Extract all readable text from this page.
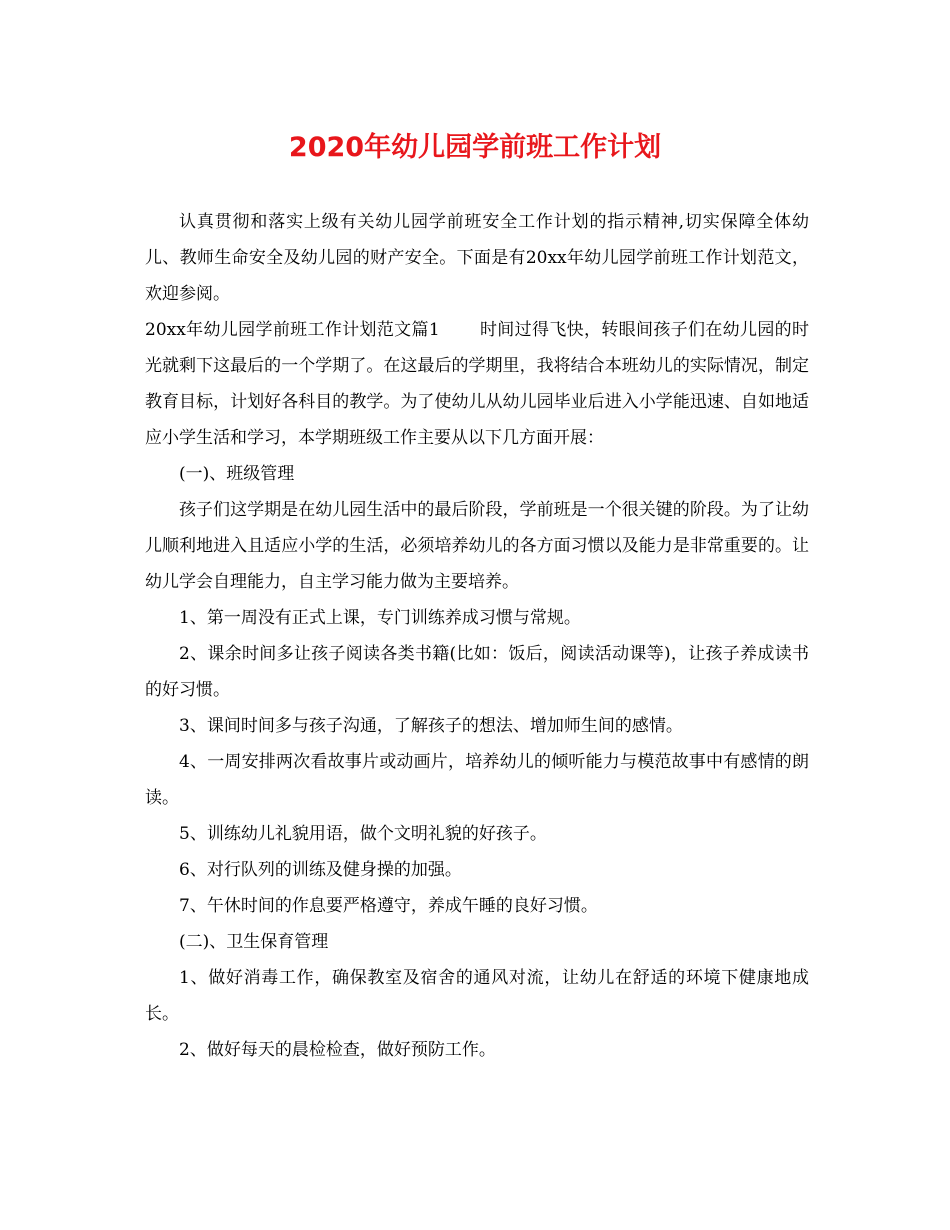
2020年幼儿园学前班工作计划

认真贯彻和落实上级有关幼儿园学前班安全工作计划的指示精神,切实保障全体幼儿、教师生命安全及幼儿园的财产安全。下面是有20xx年幼儿园学前班工作计划范文，欢迎参阅。

20xx年幼儿园学前班工作计划范文篇1 时间过得飞快，转眼间孩子们在幼儿园的时光就剩下这最后的一个学期了。在这最后的学期里，我将结合本班幼儿的实际情况，制定教育目标，计划好各科目的教学。为了使幼儿从幼儿园毕业后进入小学能迅速、自如地适应小学生活和学习，本学期班级工作主要从以下几方面开展：

(一)、班级管理

孩子们这学期是在幼儿园生活中的最后阶段，学前班是一个很关键的阶段。为了让幼儿顺利地进入且适应小学的生活，必须培养幼儿的各方面习惯以及能力是非常重要的。让幼儿学会自理能力，自主学习能力做为主要培养。

1、第一周没有正式上课，专门训练养成习惯与常规。

2、课余时间多让孩子阅读各类书籍(比如：饭后，阅读活动课等)，让孩子养成读书的好习惯。

3、课间时间多与孩子沟通，了解孩子的想法、增加师生间的感情。

4、一周安排两次看故事片或动画片，培养幼儿的倾听能力与模范故事中有感情的朗读。

5、训练幼儿礼貌用语，做个文明礼貌的好孩子。

6、对行队列的训练及健身操的加强。

7、午休时间的作息要严格遵守，养成午睡的良好习惯。

(二)、卫生保育管理

1、做好消毒工作，确保教室及宿舍的通风对流，让幼儿在舒适的环境下健康地成长。

2、做好每天的晨检检查，做好预防工作。
